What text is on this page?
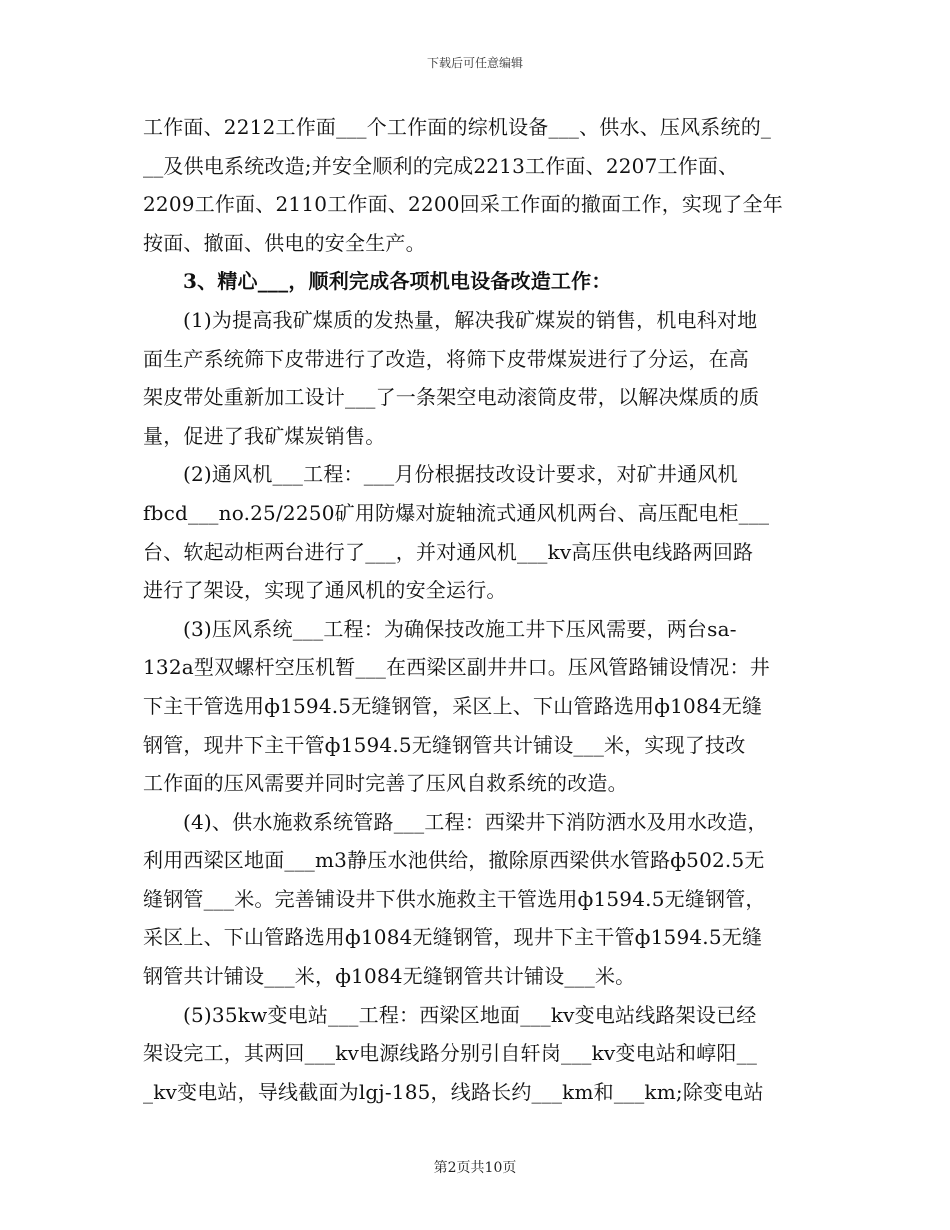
下载后可任意编辑
工作面、2212工作面___个工作面的综机设备___、供水、压风系统的_
__及供电系统改造;并安全顺利的完成2213工作面、2207工作面、
2209工作面、2110工作面、2200回采工作面的撤面工作，实现了全年
按面、撤面、供电的安全生产。
3、精心___，顺利完成各项机电设备改造工作：
(1)为提高我矿煤质的发热量，解决我矿煤炭的销售，机电科对地
面生产系统筛下皮带进行了改造，将筛下皮带煤炭进行了分运，在高
架皮带处重新加工设计___了一条架空电动滚筒皮带，以解决煤质的质
量，促进了我矿煤炭销售。
(2)通风机___工程：___月份根据技改设计要求，对矿井通风机
fbcd___no.25/2250矿用防爆对旋轴流式通风机两台、高压配电柜___
台、软起动柜两台进行了___，并对通风机___kv高压供电线路两回路
进行了架设，实现了通风机的安全运行。
(3)压风系统___工程：为确保技改施工井下压风需要，两台sa-
132a型双螺杆空压机暂___在西梁区副井井口。压风管路铺设情况：井
下主干管选用ф1594.5无缝钢管，采区上、下山管路选用ф1084无缝
钢管，现井下主干管ф1594.5无缝钢管共计铺设___米，实现了技改
工作面的压风需要并同时完善了压风自救系统的改造。
(4)、供水施救系统管路___工程：西梁井下消防洒水及用水改造，
利用西梁区地面___m3静压水池供给，撤除原西梁供水管路ф502.5无
缝钢管___米。完善铺设井下供水施救主干管选用ф1594.5无缝钢管，
采区上、下山管路选用ф1084无缝钢管，现井下主干管ф1594.5无缝
钢管共计铺设___米，ф1084无缝钢管共计铺设___米。
(5)35kw变电站___工程：西梁区地面___kv变电站线路架设已经
架设完工，其两回___kv电源线路分别引自轩岗___kv变电站和崞阳__
_kv变电站，导线截面为lgj-185，线路长约___km和___km;除变电站
第2页共10页
